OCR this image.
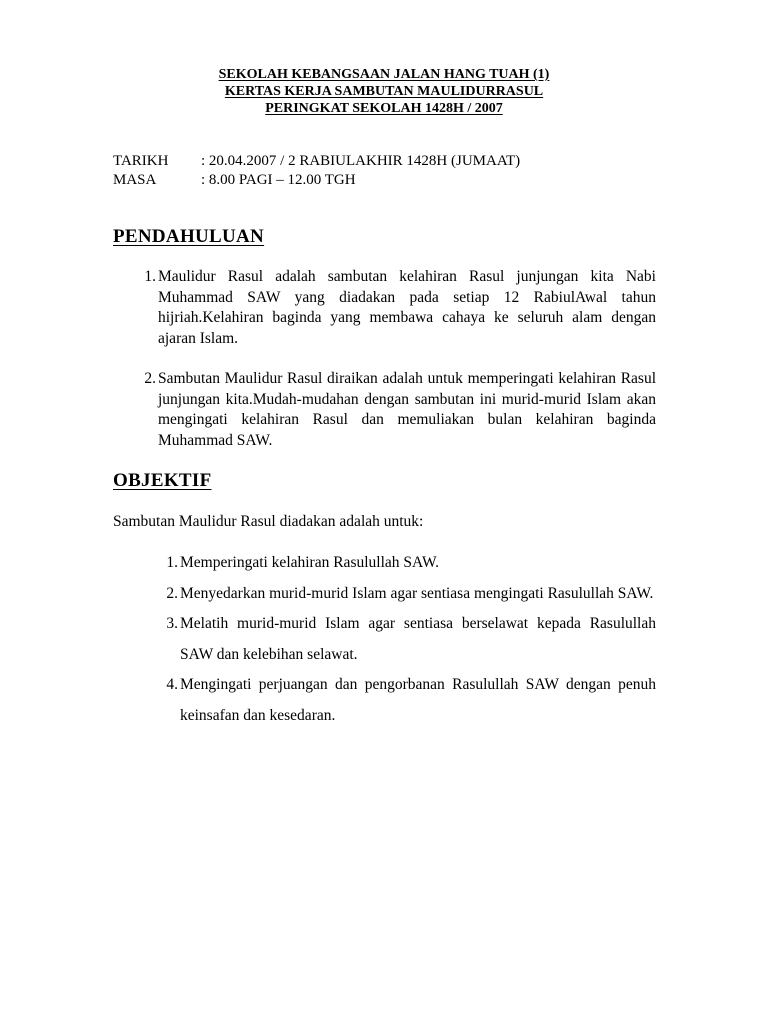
SEKOLAH KEBANGSAAN JALAN HANG TUAH (1)
KERTAS KERJA SAMBUTAN MAULIDURRASUL
PERINGKAT SEKOLAH 1428H / 2007
TARIKH	: 20.04.2007 / 2 RABIULAKHIR 1428H (JUMAAT)
MASA	: 8.00 PAGI – 12.00 TGH
PENDAHULUAN
1. Maulidur Rasul adalah sambutan kelahiran Rasul junjungan kita Nabi Muhammad SAW yang diadakan pada setiap 12 RabiulAwal tahun hijriah.Kelahiran baginda yang membawa cahaya ke seluruh alam dengan ajaran Islam.
2. Sambutan Maulidur Rasul diraikan adalah untuk memperingati kelahiran Rasul junjungan kita.Mudah-mudahan dengan sambutan ini murid-murid Islam akan mengingati kelahiran Rasul dan memuliakan bulan kelahiran baginda Muhammad SAW.
OBJEKTIF
Sambutan Maulidur Rasul diadakan adalah untuk:
1. Memperingati kelahiran Rasulullah SAW.
2. Menyedarkan murid-murid Islam agar sentiasa mengingati Rasulullah SAW.
3. Melatih murid-murid Islam agar sentiasa berselawat kepada Rasulullah SAW dan kelebihan selawat.
4. Mengingati perjuangan dan pengorbanan Rasulullah SAW dengan penuh keinsafan dan kesedaran.
